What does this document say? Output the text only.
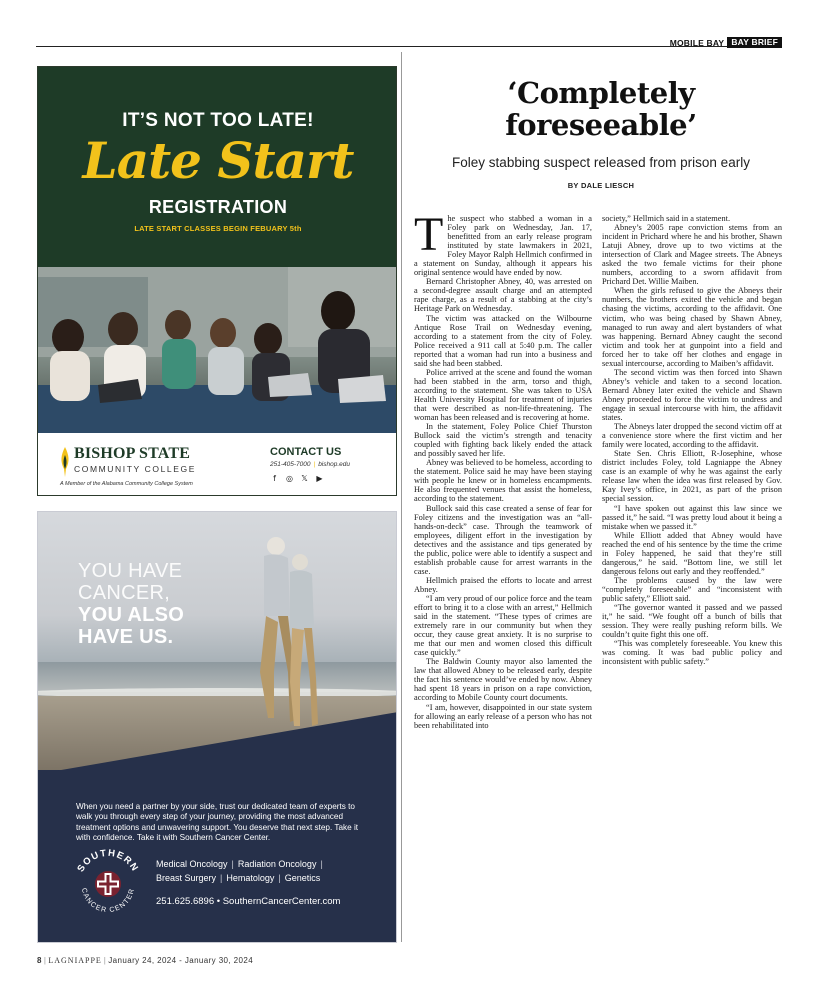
MOBILE BAY BAY BRIEF
IT’S NOT TOO LATE!
Late Start
REGISTRATION
LATE START CLASSES BEGIN FEBUARY 5th
BISHOP STATE
COMMUNITY COLLEGE
A Member of the Alabama Community College System
CONTACT US
251-405-7000 | bishop.edu
f	◎ 𝕏 ▶
YOU HAVE
CANCER,
YOU ALSO
HAVE US.
When you need a partner by your side, trust our dedicated team of experts to walk you through every step of your journey, providing the most advanced treatment options and unwavering support. You deserve that next step. Take it with confidence. Take it with Southern Cancer Center.
SOUTHERN
CANCER CENTER
Medical Oncology | Radiation Oncology |
Breast Surgery | Hematology | Genetics
251.625.6896 • SouthernCancerCenter.com
‘Completely
foreseeable’
Foley stabbing suspect released from prison early
BY DALE LIESCH
T he suspect who stabbed a woman in a Foley park on Wednesday, Jan. 17, benefitted from an early release program instituted by state lawmakers in 2021, Foley Mayor Ralph Hellmich confirmed in a statement on Sunday, although it appears his original sentence would have ended by now.

Bernard Christopher Abney, 40, was arrested on a second-degree assault charge and an attempted rape charge, as a result of a stabbing at the city’s Heritage Park on Wednesday.

The victim was attacked on the Wilbourne Antique Rose Trail on Wednesday evening, according to a statement from the city of Foley. Police received a 911 call at 5:40 p.m. The caller reported that a woman had run into a business and said she had been stabbed.

Police arrived at the scene and found the woman had been stabbed in the arm, torso and thigh, according to the statement. She was taken to USA Health University Hospital for treatment of injuries that were described as non-life-threatening. The woman has been released and is recovering at home.

In the statement, Foley Police Chief Thurston Bullock said the victim’s strength and tenacity coupled with fighting back likely ended the attack and possibly saved her life.

Abney was believed to be homeless, according to the statement. Police said he may have been staying with people he knew or in homeless encampments. He also frequented venues that assist the homeless, according to the statement.

Bullock said this case created a sense of fear for Foley citizens and the investigation was an “all-hands-on-deck” case. Through the teamwork of employees, diligent effort in the investigation by detectives and the assistance and tips generated by the public, police were able to identify a suspect and establish probable cause for arrest warrants in the case.

Hellmich praised the efforts to locate and arrest Abney.

“I am very proud of our police force and the team effort to bring it to a close with an arrest,” Hellmich said in the statement. “These types of crimes are extremely rare in our community but when they occur, they cause great anxiety. It is no surprise to me that our men and women closed this difficult case quickly.”

The Baldwin County mayor also lamented the law that allowed Abney to be released early, despite the fact his sentence would’ve ended by now. Abney had spent 18 years in prison on a rape conviction, according to Mobile County court documents.

“I am, however, disappointed in our state system for allowing an early release of a person who has not been rehabilitated into

society,” Hellmich said in a statement.

Abney’s 2005 rape conviction stems from an incident in Prichard where he and his brother, Shawn Latuji Abney, drove up to two victims at the intersection of Clark and Magee streets. The Abneys asked the two female victims for their phone numbers, according to a sworn affidavit from Prichard Det. Willie Maiben.

When the girls refused to give the Abneys their numbers, the brothers exited the vehicle and began chasing the victims, according to the affidavit. One victim, who was being chased by Shawn Abney, managed to run away and alert bystanders of what was happening. Bernard Abney caught the second victim and took her at gunpoint into a field and forced her to take off her clothes and engage in sexual intercourse, according to Maiben’s affidavit.

The second victim was then forced into Shawn Abney’s vehicle and taken to a second location. Bernard Abney later exited the vehicle and Shawn Abney proceeded to force the victim to undress and engage in sexual intercourse with him, the affidavit states.

The Abneys later dropped the second victim off at a convenience store where the first victim and her family were located, according to the affidavit.

State Sen. Chris Elliott, R-Josephine, whose district includes Foley, told Lagniappe the Abney case is an example of why he was against the early release law when the idea was first released by Gov. Kay Ivey’s office, in 2021, as part of the prison special session.

“I have spoken out against this law since we passed it,” he said. “I was pretty loud about it being a mistake when we passed it.”

While Elliott added that Abney would have reached the end of his sentence by the time the crime in Foley happened, he said that they’re still dangerous,” he said. “Bottom line, we still let dangerous felons out early and they reoffended.”

The problems caused by the law were “completely foreseeable” and “inconsistent with public safety,” Elliott said.

“The governor wanted it passed and we passed it,” he said. “We fought off a bunch of bills that session. They were really pushing reform bills. We couldn’t quite fight this one off.

“This was completely foreseeable. You knew this was coming. It was bad public policy and inconsistent with public safety.”

8 | LAGNIAPPE | January 24, 2024 - January 30, 2024
